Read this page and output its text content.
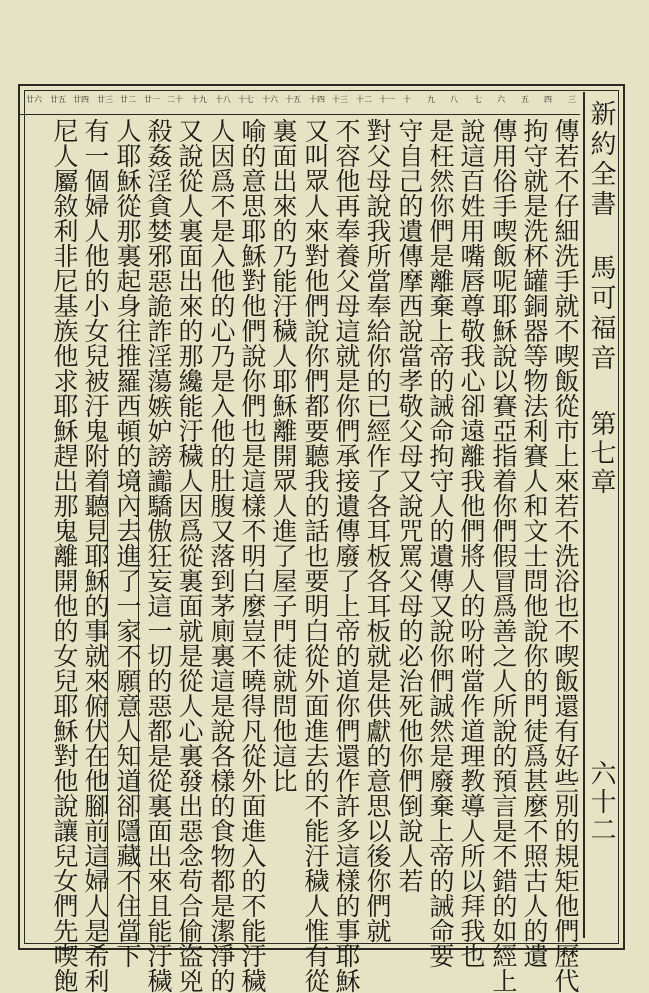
三
四
五
六
七
八
九
十
十一
十二
十三
十四
十五
十六
十七
十八
十九
二十
廿一
廿二
廿三
廿四
廿五
廿六
新約全書 馬可福音
第七章
六十二
傳若不仔細洗手就不喫飯從市上來若不洗浴也不喫飯還有好些別的規矩他們歷代
拘守就是洗杯罐銅器等物法利賽人和文士問他說你的門徒爲甚麼不照古人的遺
傳用俗手喫飯呢耶穌說以賽亞指着你們假冒爲善之人所說的預言是不錯的如經上
說這百姓用嘴唇尊敬我心卻遠離我他們將人的吩咐當作道理教導人所以拜我也
是枉然你們是離棄上帝的誡命拘守人的遺傳又說你們誠然是廢棄上帝的誡命要
守自己的遺傳摩西說當孝敬父母又說咒罵父母的必治死他你們倒說人若
對父母說我所當奉給你的已經作了各耳板各耳板就是供獻的意思以後你們就
不容他再奉養父母這就是你們承接遺傳廢了上帝的道你們還作許多這樣的事耶穌
又叫眾人來對他們說你們都要聽我的話也要明白從外面進去的不能汙穢人惟有從
裏面出來的乃能汙穢人耶穌離開眾人進了屋子門徒就問他這比
喻的意思耶穌對他們說你們也是這樣不明白麼豈不曉得凡從外面進入的不能汙穢
人因爲不是入他的心乃是入他的肚腹又落到茅廁裏這是說各樣的食物都是潔淨的
又說從人裏面出來的那纔能汙穢人因爲從裏面就是從人心裏發出惡念苟合偷盜兇
殺姦淫貪婪邪惡詭詐淫蕩嫉妒謗讟驕傲狂妄這一切的惡都是從裏面出來且能汙穢
人耶穌從那裏起身往推羅西頓的境內去進了一家不願意人知道卻隱藏不住當下
有一個婦人他的小女兒被汙鬼附着聽見耶穌的事就來俯伏在他腳前這婦人是希利
尼人屬敘利非尼基族他求耶穌趕出那鬼離開他的女兒耶穌對他說讓兒女們先喫飽
